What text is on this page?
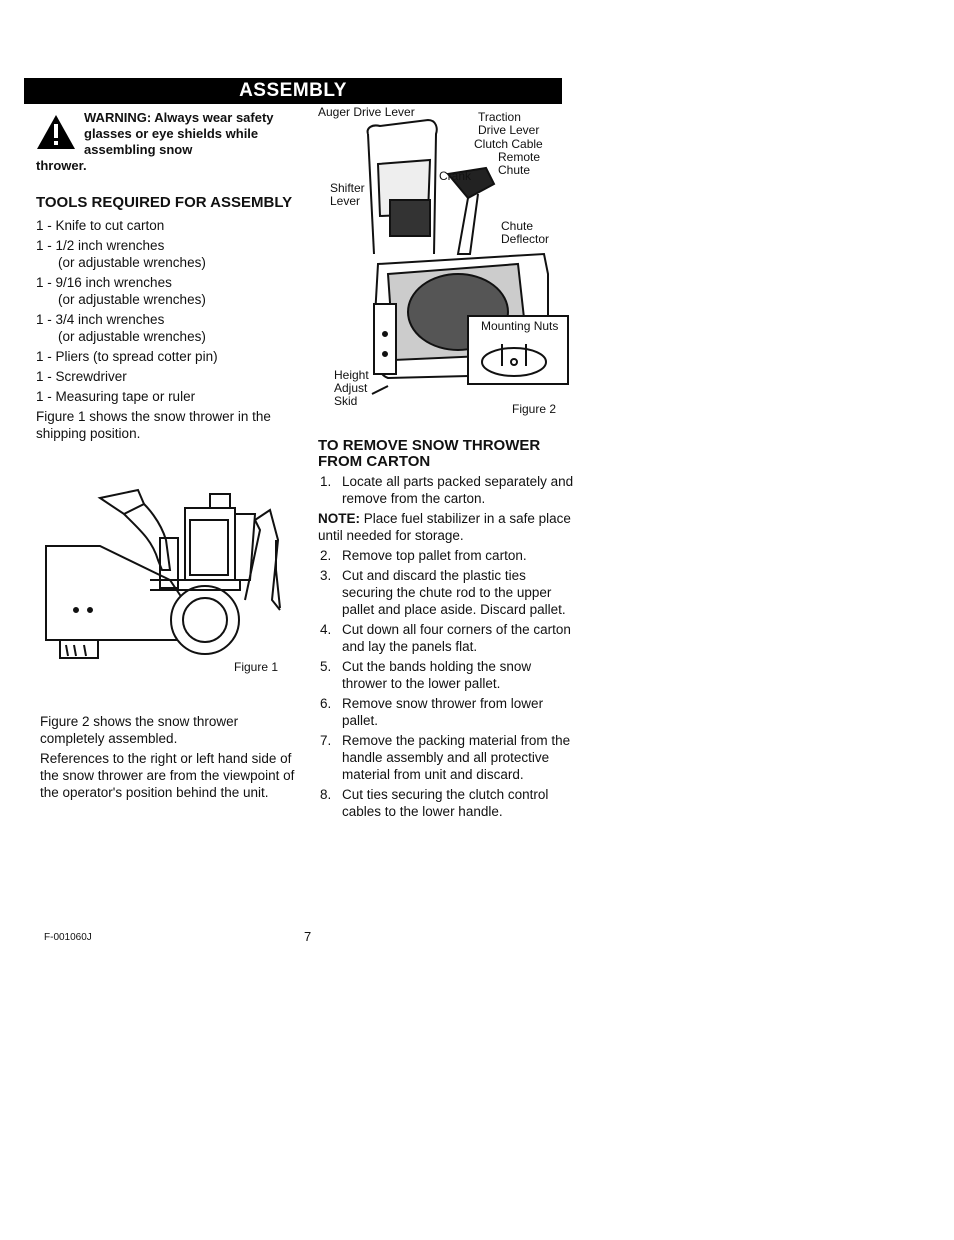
ASSEMBLY
WARNING: Always wear safety glasses or eye shields while assembling snow
thrower.
TOOLS REQUIRED FOR ASSEMBLY
1 - Knife to cut carton
1 - 1/2 inch wrenches
(or adjustable wrenches)
1 - 9/16 inch wrenches
(or adjustable wrenches)
1 - 3/4 inch wrenches
(or adjustable wrenches)
1 - Pliers (to spread cotter pin)
1 - Screwdriver
1 - Measuring tape or ruler

Figure 1 shows the snow thrower in the shipping position.

Figure 1
Auger Drive Lever	Traction
Drive Lever
Clutch Cable
Remote
Chute
Crank
Shifter
Lever
Chute
Deflector
Mounting Nuts
Height
Adjust
Skid
Figure 2

Figure 2 shows the snow thrower completely assembled.

References to the right or left hand side of the snow thrower are from the viewpoint of the operator's position behind the unit.

TO REMOVE SNOW THROWER FROM CARTON
1. Locate all parts packed separately and remove from the carton.

NOTE: Place fuel stabilizer in a safe place until needed for storage.

2. Remove top pallet from carton.
3. Cut and discard the plastic ties securing the chute rod to the upper pallet and place aside. Discard pallet.
4. Cut down all four corners of the carton and lay the panels flat.
5. Cut the bands holding the snow thrower to the lower pallet.
6. Remove snow thrower from lower pallet.
7. Remove the packing material from the handle assembly and all protective material from unit and discard.
8. Cut ties securing the clutch control cables to the lower handle.
F-001060J	7
